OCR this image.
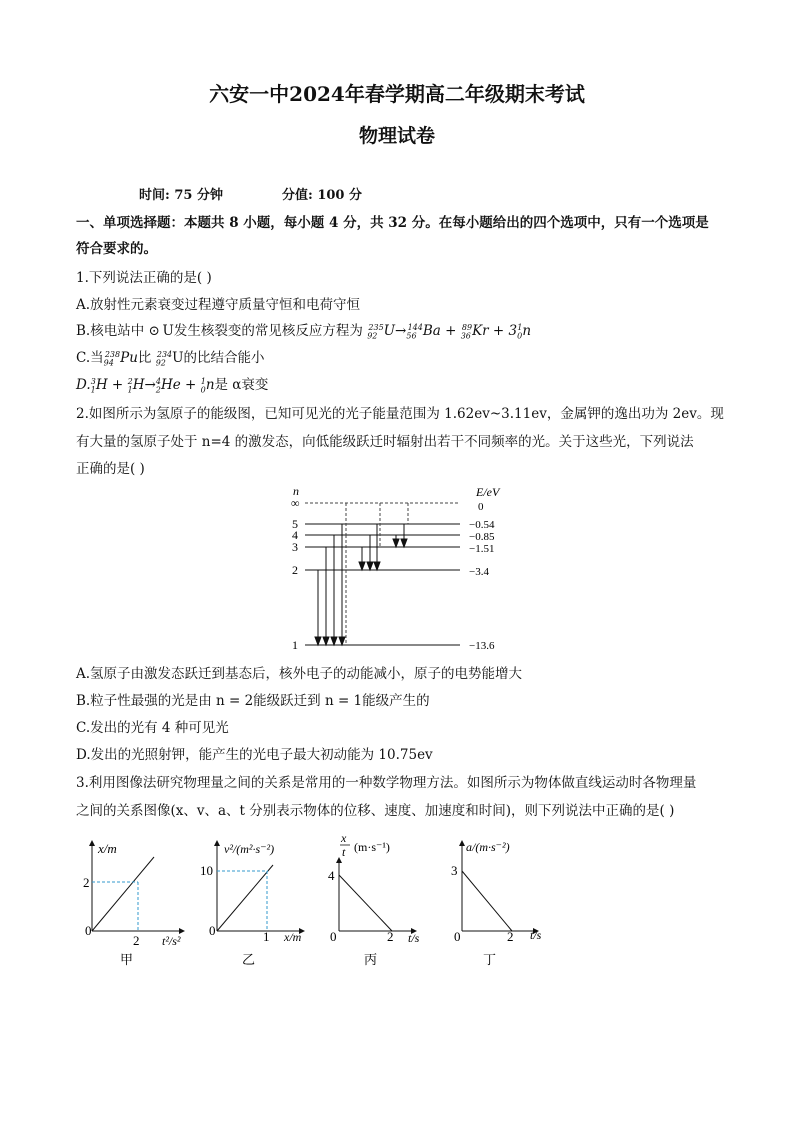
六安一中2024年春学期高二年级期末考试
物理试卷
时间: 75 分钟	分值: 100 分
一、单项选择题：本题共 8 小题，每小题 4 分，共 32 分。在每小题给出的四个选项中，只有一个选项是
符合要求的。
1.下列说法正确的是( )
A.放射性元素衰变过程遵守质量守恒和电荷守恒
B.核电站中 ⊙  U发生核裂变的常见核反应方程为 $_{92}^{235}U\to_{56}^{144}Ba + _{36}^{89}Kr + 3_0^1n$
C.当$_{94}^{238}$Pu比 $_{92}^{234}$U的比结合能小
$D._1^3H + _1^2H\to_2^4He + _0^1n$是 α衰变
2.如图所示为氢原子的能级图，已知可见光的光子能量范围为 1.62ev~3.11ev，金属钾的逸出功为 2ev。现
有大量的氢原子处于 n=4 的激发态，向低能级跃迁时辐射出若干不同频率的光。关于这些光，下列说法
正确的是( )
n	E/eV
∞	0
5	−0.54
4	−0.85
3	−1.51
2	−3.4
1	−13.6
A.氢原子由激发态跃迁到基态后，核外电子的动能减小，原子的电势能增大
B.粒子性最强的光是由 n = 2能级跃迁到 n = 1能级产生的
C.发出的光有 4 种可见光
D.发出的光照射钾，能产生的光电子最大初动能为 10.75ev
3.利用图像法研究物理量之间的关系是常用的一种数学物理方法。如图所示为物体做直线运动时各物理量
之间的关系图像(x、v、a、t 分别表示物体的位移、速度、加速度和时间)，则下列说法中正确的是( )
x/m
t²/s²
0
2
2
甲
v²/(m²·s⁻²)
x/m
0
10
1
乙
x
t (m·s⁻¹)
t/s
0
4
2
丙
a/(m·s⁻²)
t/s
0
3
2
丁
